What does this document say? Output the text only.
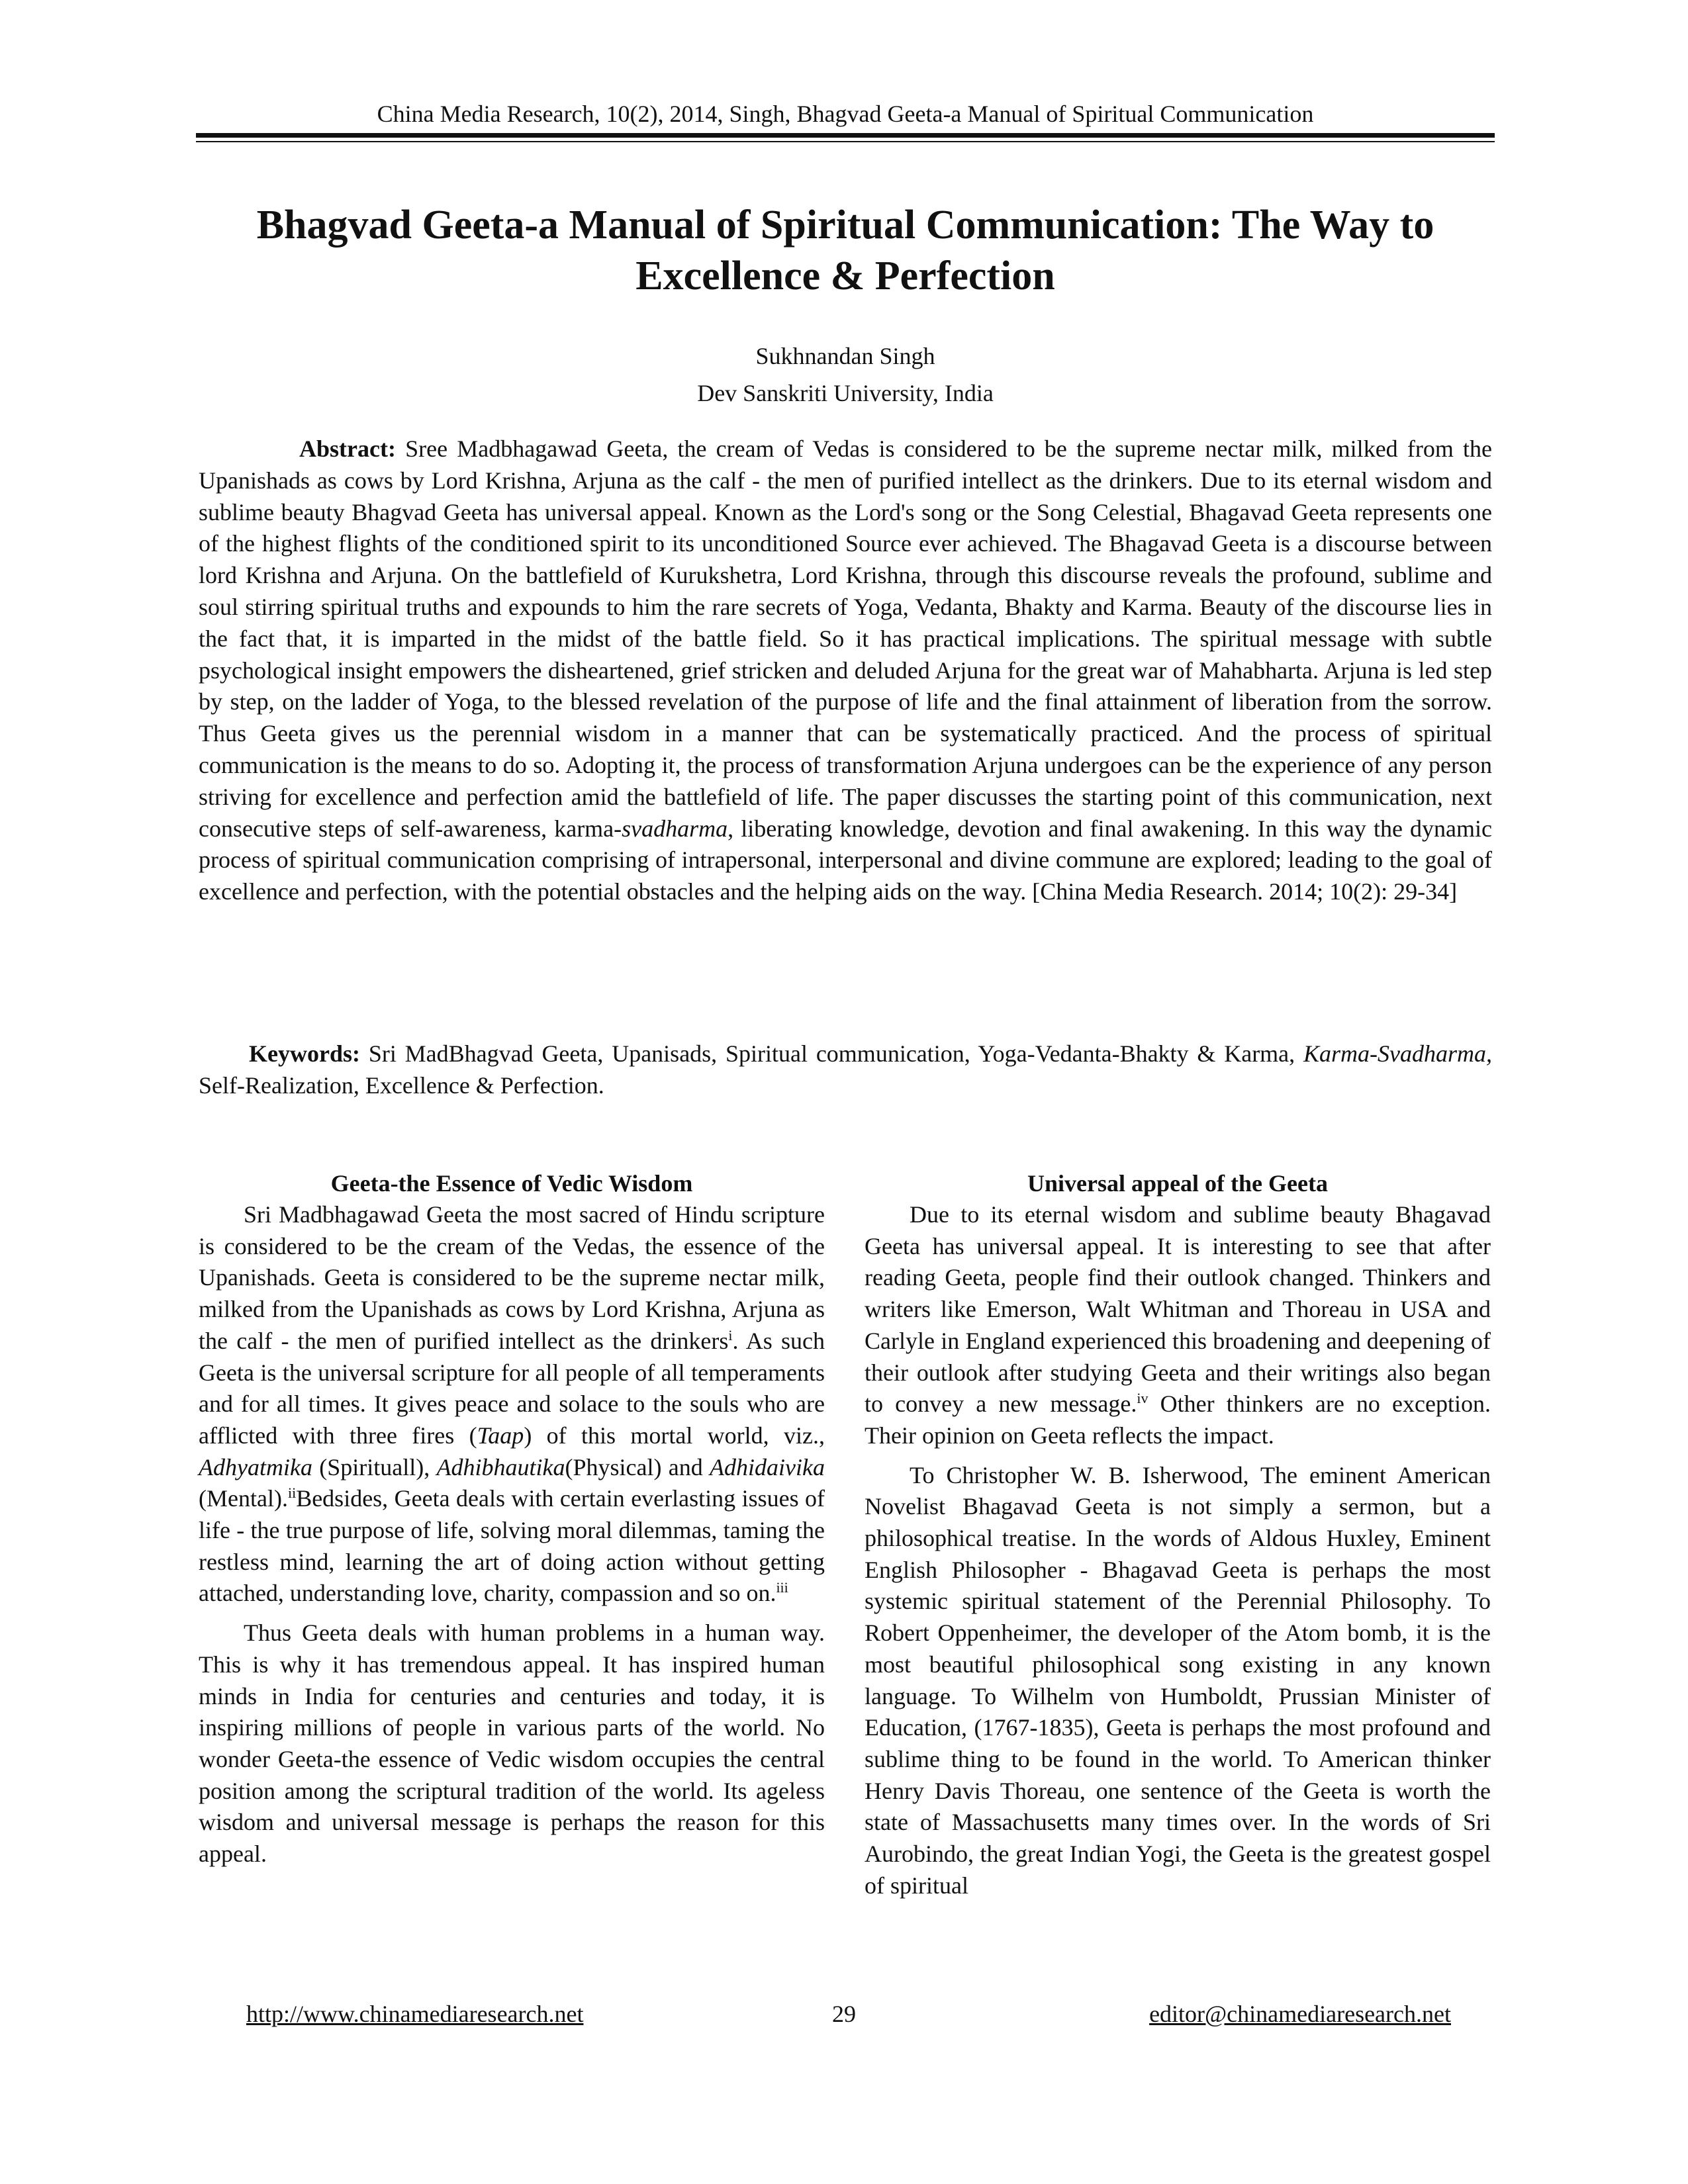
China Media Research, 10(2), 2014, Singh, Bhagvad Geeta-a Manual of Spiritual Communication
Bhagvad Geeta-a Manual of Spiritual Communication: The Way to
Excellence & Perfection
Sukhnandan Singh
Dev Sanskriti University, India
Abstract: Sree Madbhagawad Geeta, the cream of Vedas is considered to be the supreme nectar milk, milked from the Upanishads as cows by Lord Krishna, Arjuna as the calf - the men of purified intellect as the drinkers. Due to its eternal wisdom and sublime beauty Bhagvad Geeta has universal appeal. Known as the Lord's song or the Song Celestial, Bhagavad Geeta represents one of the highest flights of the conditioned spirit to its unconditioned Source ever achieved. The Bhagavad Geeta is a discourse between lord Krishna and Arjuna. On the battlefield of Kurukshetra, Lord Krishna, through this discourse reveals the profound, sublime and soul stirring spiritual truths and expounds to him the rare secrets of Yoga, Vedanta, Bhakty and Karma. Beauty of the discourse lies in the fact that, it is imparted in the midst of the battle field. So it has practical implications. The spiritual message with subtle psychological insight empowers the disheartened, grief stricken and deluded Arjuna for the great war of Mahabharta. Arjuna is led step by step, on the ladder of Yoga, to the blessed revelation of the purpose of life and the final attainment of liberation from the sorrow. Thus Geeta gives us the perennial wisdom in a manner that can be systematically practiced. And the process of spiritual communication is the means to do so. Adopting it, the process of transformation Arjuna undergoes can be the experience of any person striving for excellence and perfection amid the battlefield of life. The paper discusses the starting point of this communication, next consecutive steps of self-awareness, karma-svadharma, liberating knowledge, devotion and final awakening. In this way the dynamic process of spiritual communication comprising of intrapersonal, interpersonal and divine commune are explored; leading to the goal of excellence and perfection, with the potential obstacles and the helping aids on the way. [China Media Research. 2014; 10(2): 29-34]
Keywords: Sri MadBhagvad Geeta, Upanisads, Spiritual communication, Yoga-Vedanta-Bhakty & Karma, Karma-Svadharma, Self-Realization, Excellence & Perfection.
Geeta-the Essence of Vedic Wisdom

Sri Madbhagawad Geeta the most sacred of Hindu scripture is considered to be the cream of the Vedas, the essence of the Upanishads. Geeta is considered to be the supreme nectar milk, milked from the Upanishads as cows by Lord Krishna, Arjuna as the calf - the men of purified intellect as the drinkers$^i$. As such Geeta is the universal scripture for all people of all temperaments and for all times. It gives peace and solace to the souls who are afflicted with three fires (Taap) of this mortal world, viz., Adhyatmika (Spirituall), Adhibhautika(Physical) and Adhidaivika (Mental).$^{ii}$Bedsides, Geeta deals with certain everlasting issues of life - the true purpose of life, solving moral dilemmas, taming the restless mind, learning the art of doing action without getting attached, understanding love, charity, compassion and so on.$^{iii}$

Thus Geeta deals with human problems in a human way. This is why it has tremendous appeal. It has inspired human minds in India for centuries and centuries and today, it is inspiring millions of people in various parts of the world. No wonder Geeta-the essence of Vedic wisdom occupies the central position among the scriptural tradition of the world. Its ageless wisdom and universal message is perhaps the reason for this appeal.

Universal appeal of the Geeta

Due to its eternal wisdom and sublime beauty Bhagavad Geeta has universal appeal. It is interesting to see that after reading Geeta, people find their outlook changed. Thinkers and writers like Emerson, Walt Whitman and Thoreau in USA and Carlyle in England experienced this broadening and deepening of their outlook after studying Geeta and their writings also began to convey a new message.$^{iv}$ Other thinkers are no exception. Their opinion on Geeta reflects the impact.

To Christopher W. B. Isherwood, The eminent American Novelist Bhagavad Geeta is not simply a sermon, but a philosophical treatise. In the words of Aldous Huxley, Eminent English Philosopher - Bhagavad Geeta is perhaps the most systemic spiritual statement of the Perennial Philosophy. To Robert Oppenheimer, the developer of the Atom bomb, it is the most beautiful philosophical song existing in any known language. To Wilhelm von Humboldt, Prussian Minister of Education, (1767-1835), Geeta is perhaps the most profound and sublime thing to be found in the world. To American thinker Henry Davis Thoreau, one sentence of the Geeta is worth the state of Massachusetts many times over. In the words of Sri Aurobindo, the great Indian Yogi, the Geeta is the greatest gospel of spiritual

http://www.chinamediaresearch.net	29	editor@chinamediaresearch.net
